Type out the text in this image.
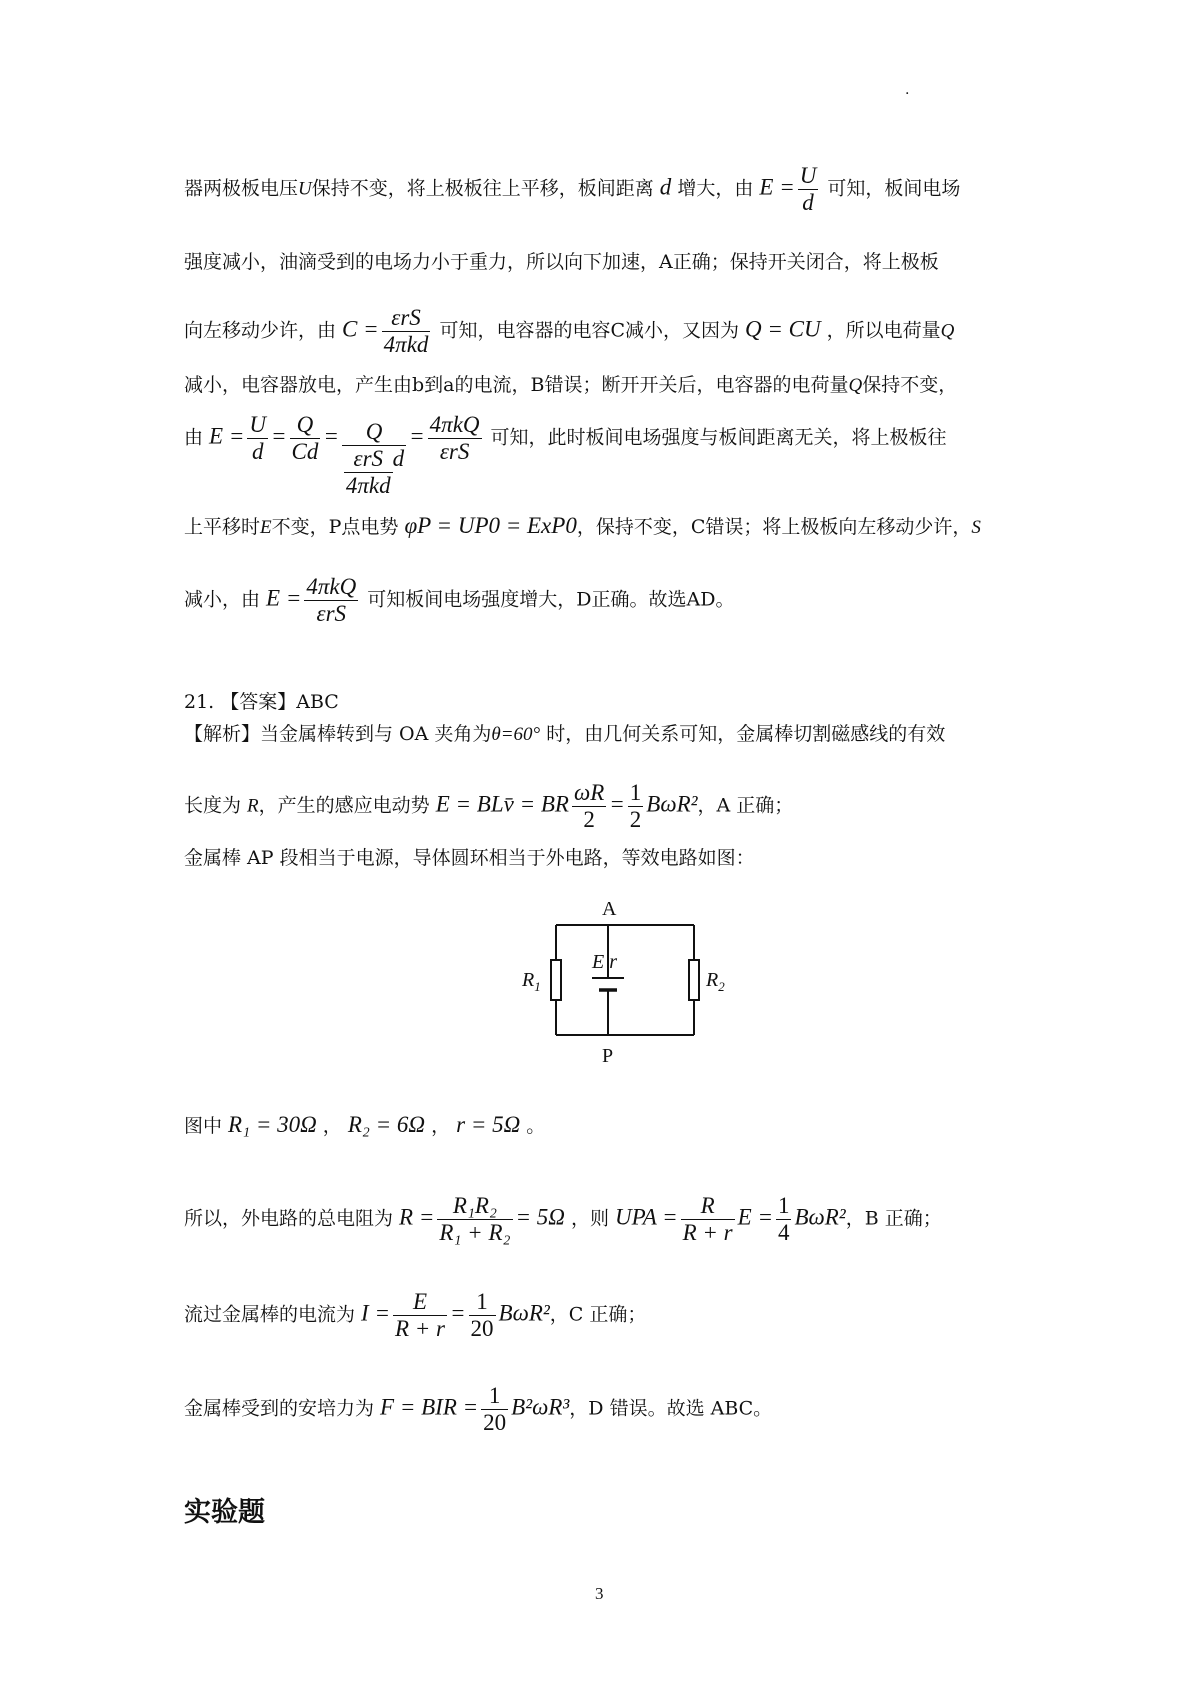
.
器两极板电压U保持不变，将上极板往上平移，板间距离 d 增大，由 $E = \frac{U}{d}$ 可知，板间电场
强度减小，油滴受到的电场力小于重力，所以向下加速，A正确；保持开关闭合，将上极板
向左移动少许，由 $C = \frac{\text{εrS}}{\text{4πkd}}$ 可知，电容器的电容C减小，又因为 Q = CU ，所以电荷量Q
减小，电容器放电，产生由b到a的电流，B错误；断开开关后，电容器的电荷量Q保持不变，
由 $E = \frac{U}{d} = \frac{Q}{Cd} = \frac{Q}{\frac{\text{εrS}}{\text{4πkd}} d} = \frac{\text{4πkQ}}{\text{εrS}}$ 可知，此时板间电场强度与板间距离无关，将上极板往
上平移时E不变，P点电势 φP = UP0 = ExP0，保持不变，C错误；将上极板向左移动少许，S
减小，由 $E = \frac{\text{4πkQ}}{\text{εrS}}$ 可知板间电场强度增大，D正确。故选AD。
21. 【答案】ABC
【解析】当金属棒转到与 OA 夹角为θ=60° 时，由几何关系可知，金属棒切割磁感线的有效
长度为 R，产生的感应电动势 E = BLv̄ = BR $\frac{\omega R}{2} = \frac{1}{2} B\omega R^2$，A 正确；
金属棒 AP 段相当于电源，导体圆环相当于外电路，等效电路如图：
A
P
E r
$R_1$	$R_2$
图中 R₁ = 30Ω ， R₂ = 6Ω ， r = 5Ω 。
所以，外电路的总电阻为 $R = \frac{\text{R₁R₂}}{\text{R₁ + R₂}} = 5\Omega$ ，则 UPA = $\frac{R}{R + r}$ $E = \frac{1}{4} B\omega R^2$，B 正确；
流过金属棒的电流为 $I = \frac{E}{R + r} = \frac{1}{20} B\omega R^2$，C 正确；
金属棒受到的安培力为 F = BIR = $\frac{1}{20} B^2\omega R^3$，D 错误。故选 ABC。
实验题
3
